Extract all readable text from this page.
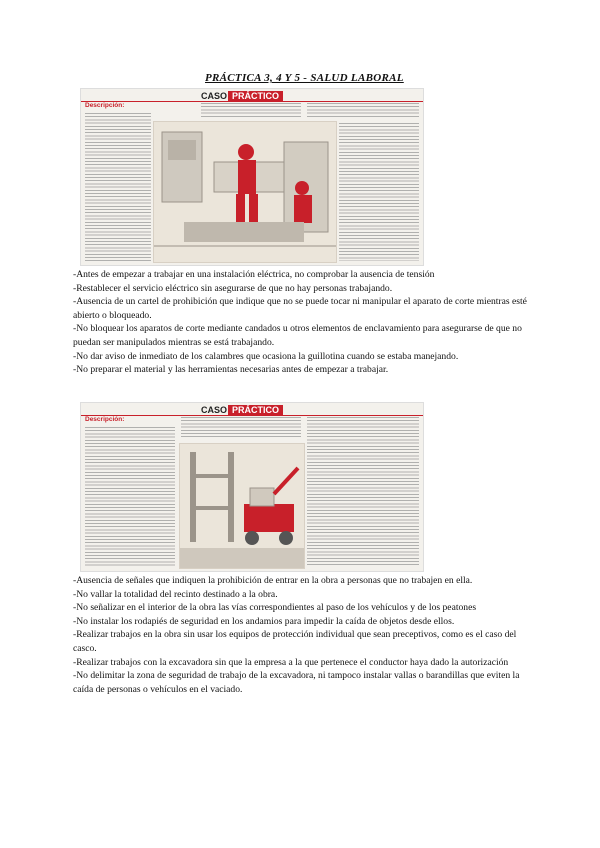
PRÁCTICA 3, 4 Y 5 - SALUD LABORAL
CASO PRÁCTICO
Descripción:
-Antes de empezar a trabajar en una instalación eléctrica, no comprobar la ausencia de tensión
-Restablecer el servicio eléctrico sin asegurarse de que no hay personas trabajando.
-Ausencia de un cartel de prohibición que indique que no se puede tocar ni manipular el aparato de corte mientras esté abierto o bloqueado.
-No bloquear los aparatos de corte mediante candados u otros elementos de enclavamiento para asegurarse de que no puedan ser manipulados mientras se está trabajando.
-No dar aviso de inmediato de los calambres que ocasiona la guillotina cuando se estaba manejando.
-No preparar el material y las herramientas necesarias antes de empezar a trabajar.
CASO PRÁCTICO
Descripción:
-Ausencia de señales que indiquen la prohibición de entrar en la obra a personas que no trabajen en ella.
-No vallar la totalidad del recinto destinado a la obra.
-No señalizar en el interior de la obra las vías correspondientes al paso de los vehículos y de los peatones
-No instalar los rodapiés de seguridad en los andamios para impedir la caída de objetos desde ellos.
-Realizar trabajos en la obra sin usar los equipos de protección individual que sean preceptivos, como es el caso del casco.
-Realizar trabajos con la excavadora sin que la empresa a la que pertenece el conductor haya dado la autorización
-No delimitar la zona de seguridad de trabajo de la excavadora, ni tampoco instalar vallas o barandillas que eviten la caída de personas o vehículos en el vaciado.
